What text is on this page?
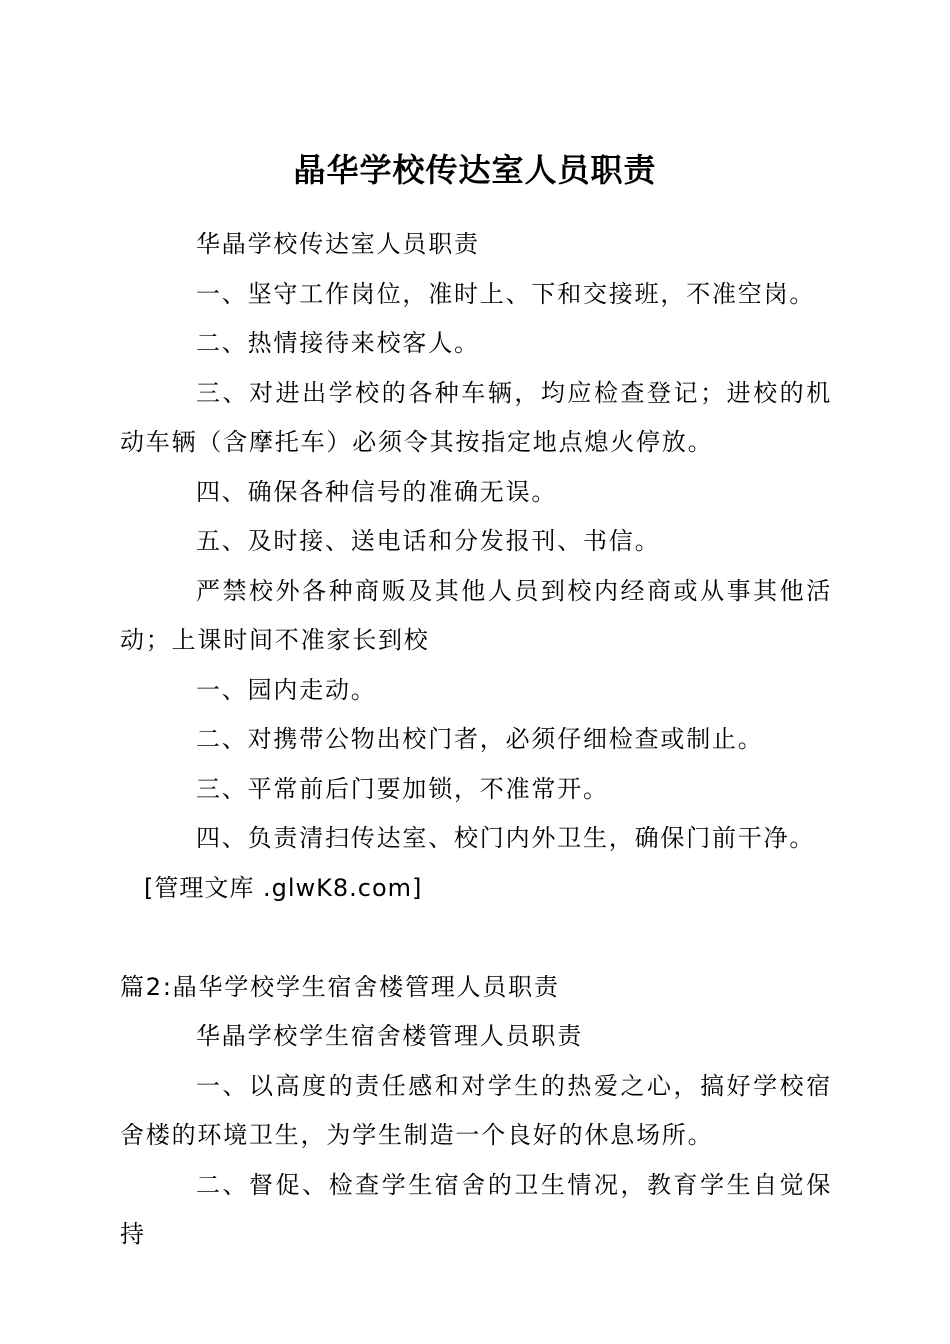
晶华学校传达室人员职责

华晶学校传达室人员职责

一、坚守工作岗位，准时上、下和交接班，不准空岗。

二、热情接待来校客人。

三、对进出学校的各种车辆，均应检查登记；进校的机动车辆（含摩托车）必须令其按指定地点熄火停放。

四、确保各种信号的准确无误。

五、及时接、送电话和分发报刊、书信。

严禁校外各种商贩及其他人员到校内经商或从事其他活动；上课时间不准家长到校

一、园内走动。

二、对携带公物出校门者，必须仔细检查或制止。

三、平常前后门要加锁，不准常开。

四、负责清扫传达室、校门内外卫生，确保门前干净。

[管理文库 .glwK8.com]

篇2:晶华学校学生宿舍楼管理人员职责

华晶学校学生宿舍楼管理人员职责

一、以高度的责任感和对学生的热爱之心，搞好学校宿舍楼的环境卫生，为学生制造一个良好的休息场所。

二、督促、检查学生宿舍的卫生情况，教育学生自觉保持
